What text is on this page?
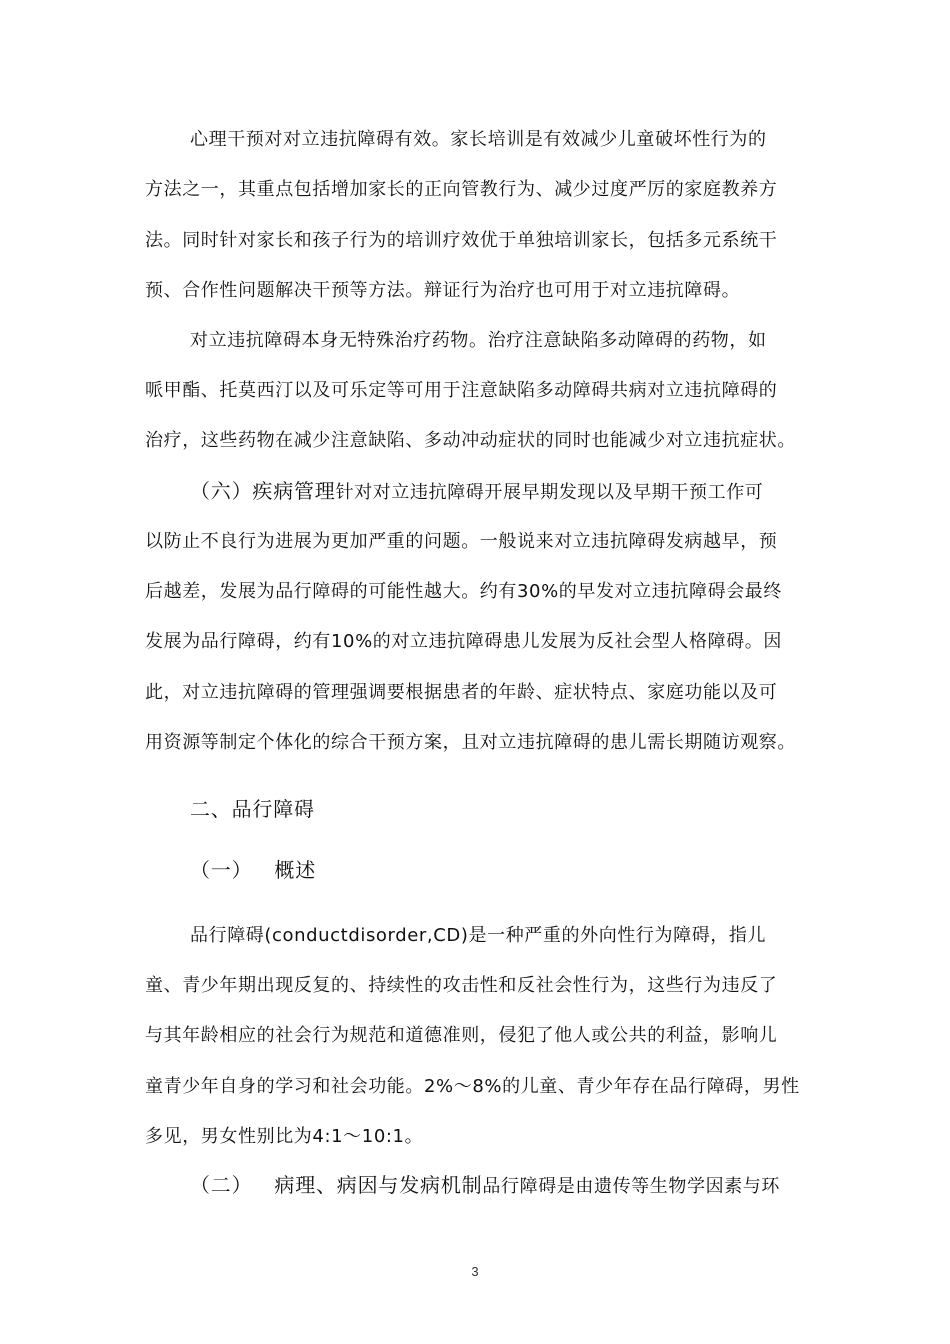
心理干预对对立违抗障碍有效。家长培训是有效减少儿童破坏性行为的
方法之一，其重点包括增加家长的正向管教行为、减少过度严厉的家庭教养方
法。同时针对家长和孩子行为的培训疗效优于单独培训家长，包括多元系统干
预、合作性问题解决干预等方法。辩证行为治疗也可用于对立违抗障碍。
对立违抗障碍本身无特殊治疗药物。治疗注意缺陷多动障碍的药物，如
哌甲酯、托莫西汀以及可乐定等可用于注意缺陷多动障碍共病对立违抗障碍的
治疗，这些药物在减少注意缺陷、多动冲动症状的同时也能减少对立违抗症状。
（六）疾病管理针对对立违抗障碍开展早期发现以及早期干预工作可
以防止不良行为进展为更加严重的问题。一般说来对立违抗障碍发病越早，预
后越差，发展为品行障碍的可能性越大。约有30%的早发对立违抗障碍会最终
发展为品行障碍，约有10%的对立违抗障碍患儿发展为反社会型人格障碍。因
此，对立违抗障碍的管理强调要根据患者的年龄、症状特点、家庭功能以及可
用资源等制定个体化的综合干预方案，且对立违抗障碍的患儿需长期随访观察。
二、品行障碍
（一） 概述
品行障碍(conductdisorder,CD)是一种严重的外向性行为障碍，指儿
童、青少年期出现反复的、持续性的攻击性和反社会性行为，这些行为违反了
与其年龄相应的社会行为规范和道德准则，侵犯了他人或公共的利益，影响儿
童青少年自身的学习和社会功能。2%～8%的儿童、青少年存在品行障碍，男性
多见，男女性别比为4:1～10:1。
（二） 病理、病因与发病机制品行障碍是由遗传等生物学因素与环
3
